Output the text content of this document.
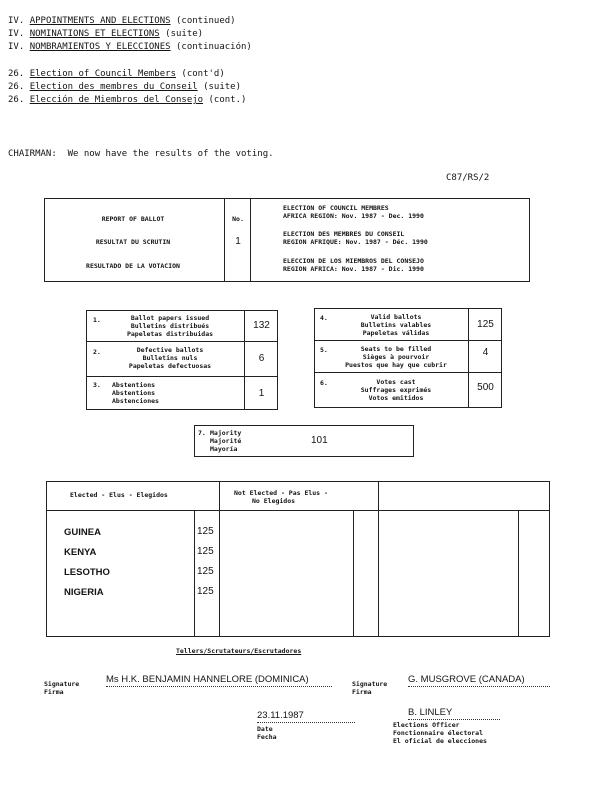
IV. APPOINTMENTS AND ELECTIONS (continued)
IV. NOMINATIONS ET ELECTIONS (suite)
IV. NOMBRAMIENTOS Y ELECCIONES (continuación)
26. Election of Council Members (cont'd)
26. Election des membres du Conseil (suite)
26. Elección de Miembros del Consejo (cont.)
CHAIRMAN: We now have the results of the voting.
C87/RS/2
REPORT OF BALLOT
RESULTAT DU SCRUTIN
RESULTADO DE LA VOTACION
No.
1
ELECTION OF COUNCIL MEMBRES
AFRICA REGION: Nov. 1987 - Dec. 1990
ELECTION DES MEMBRES DU CONSEIL
REGION AFRIQUE: Nov. 1987 - Déc. 1990
ELECCION DE LOS MIEMBROS DEL CONSEJO
REGION AFRICA: Nov. 1987 - Dic. 1990
1.	Ballot papers issued
Bulletins distribués
Papeletas distribuidas
132
2.	Defective ballots
Bulletins nuls
Papeletas defectuosas
6
3. Abstentions
Abstentions
Abstenciones
1
4.	Valid ballots
Bulletins valables
Papeletas válidas
125
5.	Seats to be filled
Sièges à pourvoir
Puestos que hay que cubrir
4
6.	Votes cast
Suffrages exprimés
Votos emitidos
500
7. Majority
Majorité
Mayoría
101
Elected - Elus - Elegidos	Not Elected - Pas Elus -
No Elegidos
GUINEA	125
KENYA	125
LESOTHO	125
NIGERIA	125
Tellers/Scrutateurs/Escrutadores
Signature
Firma
Ms H.K. BENJAMIN HANNELORE (DOMINICA)	Signature
Firma
G. MUSGROVE (CANADA)
23.11.1987
Date
Fecha
B. LINLEY
Elections Officer
Fonctionnaire électoral
El oficial de elecciones
